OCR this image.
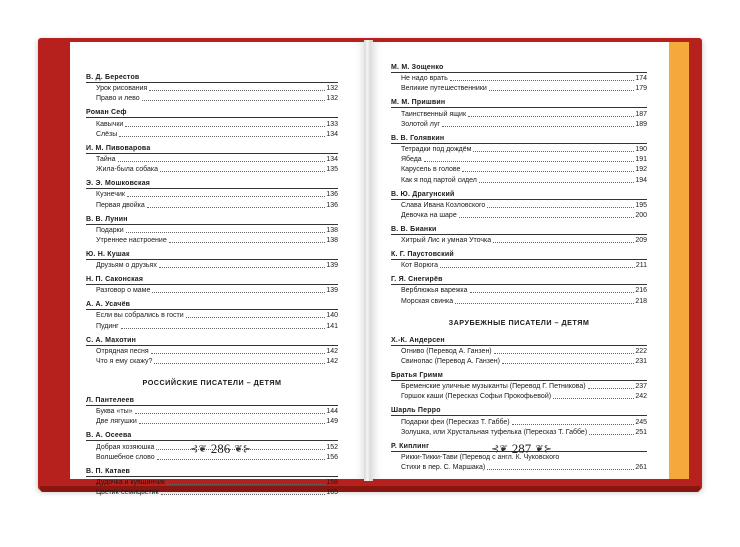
В. Д. Берестов
Урок рисования	132
Право и лево	132
Роман Сеф
Кавычки	133
Слёзы	134
И. М. Пивоварова
Тайна	134
Жила-была собака	135
Э. Э. Мошковская
Кузнечик	136
Первая двойка	136
В. В. Лунин
Подарки	138
Утреннее настроение	138
Ю. Н. Кушак
Друзьям о друзьях	139
Н. П. Саконская
Разговор о маме	139
А. А. Усачёв
Если вы собрались в гости	140
Пудинг	141
С. А. Махотин
Отрядная песня	142
Что я ему скажу?	142
РОССИЙСКИЕ ПИСАТЕЛИ – ДЕТЯМ
Л. Пантелеев
Буква «ты»	144
Две лягушки	149
В. А. Осеева
Добрая хозяюшка	152
Волшебное слово	156
В. П. Катаев
Дудочка и кувшинчик	158
Цветик-семицветик	165
⊰❦ 286 ❦⊱
М. М. Зощенко
Не надо врать	174
Великие путешественники	179
М. М. Пришвин
Таинственный ящик	187
Золотой луг	189
В. В. Голявкин
Тетрадки под дождём	190
Ябеда	191
Карусель в голове	192
Как я под партой сидел	194
В. Ю. Драгунский
Слава Ивана Козловского	195
Девочка на шаре	200
В. В. Бианки
Хитрый Лис и умная Уточка	209
К. Г. Паустовский
Кот Ворюга	211
Г. Я. Снегирёв
Верблюжья варежка	216
Морская свинка	218
ЗАРУБЕЖНЫЕ ПИСАТЕЛИ – ДЕТЯМ
Х.-К. Андерсен
Огниво (Перевод А. Ганзен)	222
Свинопас (Перевод А. Ганзен)	231
Братья Гримм
Бременские уличные музыканты (Перевод Г. Петникова)	237
Горшок каши (Пересказ Софьи Прокофьевой)	242
Шарль Перро
Подарки феи (Пересказ Т. Габбе)	245
Золушка, или Хрустальная туфелька (Пересказ Т. Габбе)	251
Р. Киплинг
Рикки-Тикки-Тави (Перевод с англ. К. Чуковского
Стихи в пер. С. Маршака)	261
⊰❦ 287 ❦⊱
